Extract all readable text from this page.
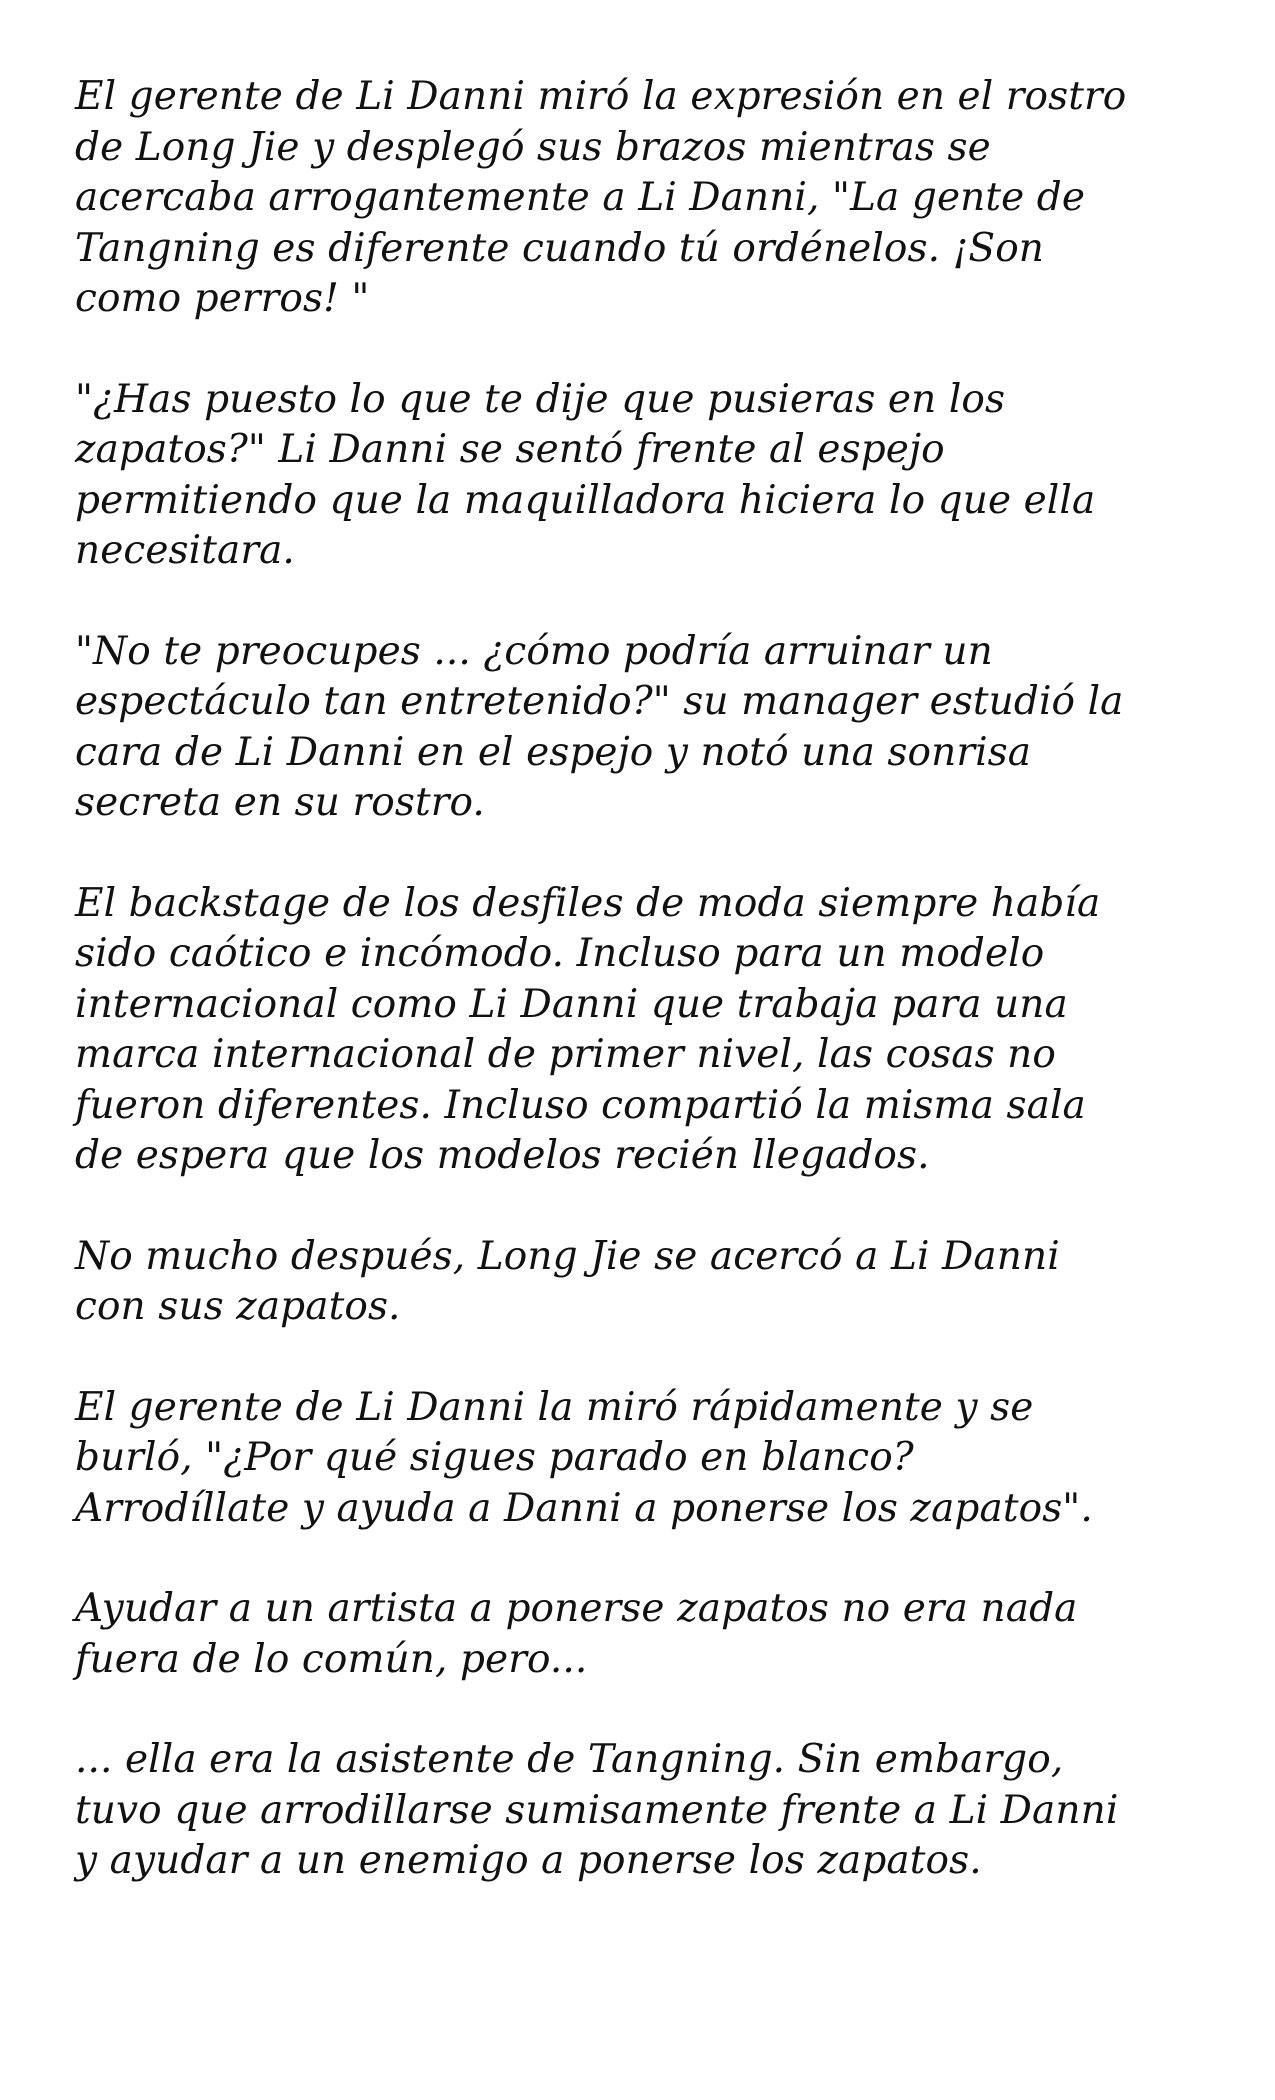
El gerente de Li Danni miró la expresión en el rostro
de Long Jie y desplegó sus brazos mientras se
acercaba arrogantemente a Li Danni, "La gente de
Tangning es diferente cuando tú ordénelos. ¡Son
como perros! "

"¿Has puesto lo que te dije que pusieras en los
zapatos?" Li Danni se sentó frente al espejo
permitiendo que la maquilladora hiciera lo que ella
necesitara.

"No te preocupes ... ¿cómo podría arruinar un
espectáculo tan entretenido?" su manager estudió la
cara de Li Danni en el espejo y notó una sonrisa
secreta en su rostro.

El backstage de los desfiles de moda siempre había
sido caótico e incómodo. Incluso para un modelo
internacional como Li Danni que trabaja para una
marca internacional de primer nivel, las cosas no
fueron diferentes. Incluso compartió la misma sala
de espera que los modelos recién llegados.

No mucho después, Long Jie se acercó a Li Danni
con sus zapatos.

El gerente de Li Danni la miró rápidamente y se
burló, "¿Por qué sigues parado en blanco?
Arrodíllate y ayuda a Danni a ponerse los zapatos".

Ayudar a un artista a ponerse zapatos no era nada
fuera de lo común, pero...

... ella era la asistente de Tangning. Sin embargo,
tuvo que arrodillarse sumisamente frente a Li Danni
y ayudar a un enemigo a ponerse los zapatos.
